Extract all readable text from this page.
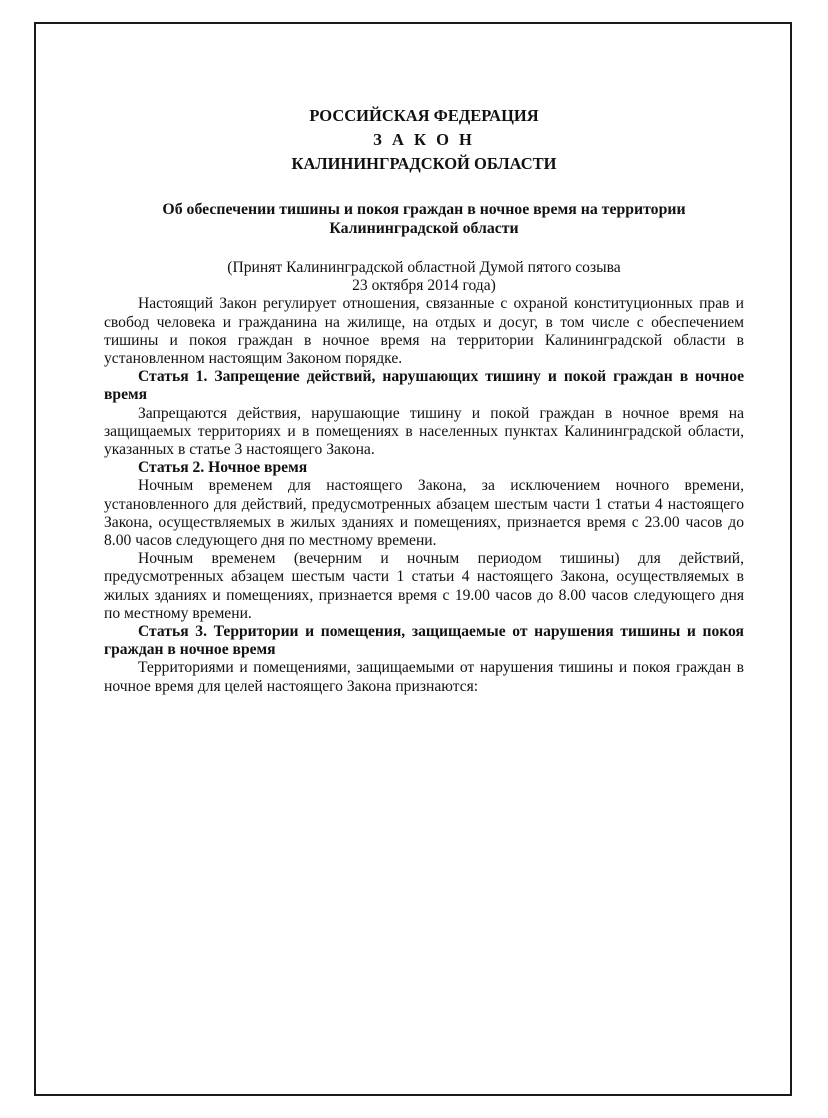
РОССИЙСКАЯ ФЕДЕРАЦИЯ
З А К О Н
КАЛИНИНГРАДСКОЙ ОБЛАСТИ
Об обеспечении тишины и покоя граждан в ночное время на территории Калининградской области
(Принят Калининградской областной Думой пятого созыва
23 октября 2014 года)

Настоящий Закон регулирует отношения, связанные с охраной конституционных прав и свобод человека и гражданина на жилище, на отдых и досуг, в том числе с обеспечением тишины и покоя граждан в ночное время на территории Калининградской области в установленном настоящим Законом порядке.

Статья 1. Запрещение действий, нарушающих тишину и покой граждан в ночное время

Запрещаются действия, нарушающие тишину и покой граждан в ночное время на защищаемых территориях и в помещениях в населенных пунктах Калининградской области, указанных в статье 3 настоящего Закона.

Статья 2. Ночное время

Ночным временем для настоящего Закона, за исключением ночного времени, установленного для действий, предусмотренных абзацем шестым части 1 статьи 4 настоящего Закона, осуществляемых в жилых зданиях и помещениях, признается время с 23.00 часов до 8.00 часов следующего дня по местному времени.

Ночным временем (вечерним и ночным периодом тишины) для действий, предусмотренных абзацем шестым части 1 статьи 4 настоящего Закона, осуществляемых в жилых зданиях и помещениях, признается время с 19.00 часов до 8.00 часов следующего дня по местному времени.

Статья 3. Территории и помещения, защищаемые от нарушения тишины и покоя граждан в ночное время

Территориями и помещениями, защищаемыми от нарушения тишины и покоя граждан в ночное время для целей настоящего Закона признаются:
